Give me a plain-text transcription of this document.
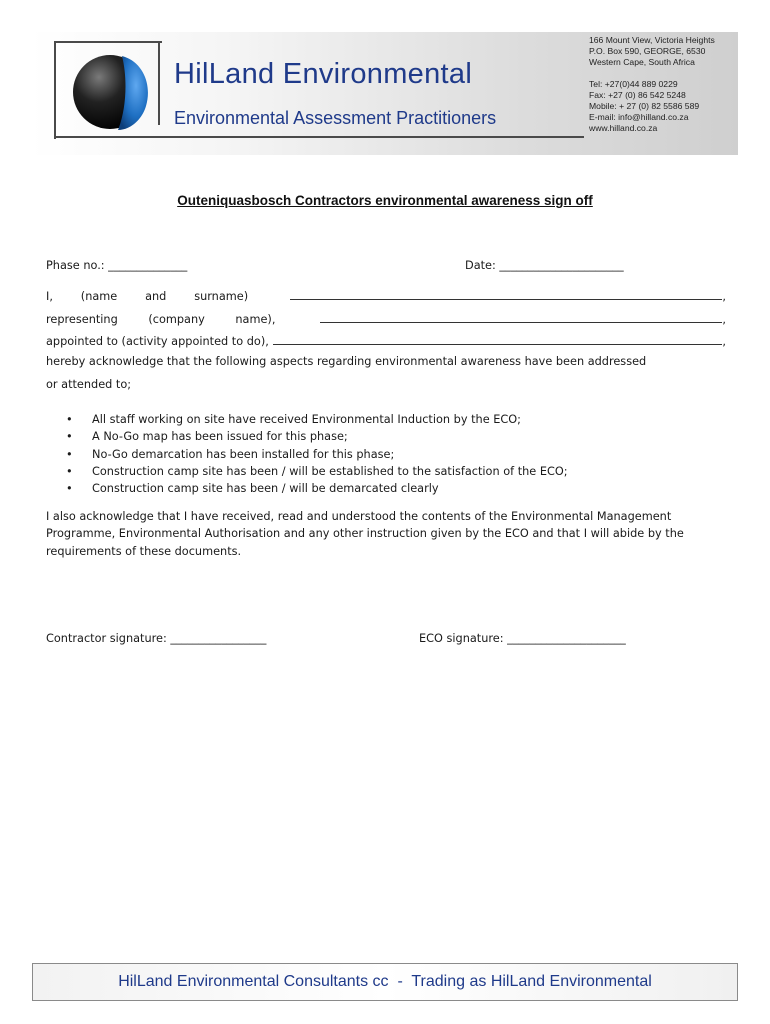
HilLand Environmental
Environmental Assessment Practitioners
166 Mount View, Victoria Heights
P.O. Box 590, GEORGE, 6530
Western Cape, South Africa
Tel: +27(0)44 889 0229
Fax: +27 (0) 86 542 5248
Mobile: + 27 (0) 82 5586 589
E-mail: info@hilland.co.za
www.hilland.co.za
Outeniquasbosch Contractors environmental awareness sign off
Phase no.: ______________	Date: ______________________
I, (name and surname)	,
representing	(company	name),	,
appointed to (activity appointed to do),	,
hereby acknowledge that the following aspects regarding environmental awareness have been addressed
or attended to;
• All staff working on site have received Environmental Induction by the ECO;
• A No-Go map has been issued for this phase;
• No-Go demarcation has been installed for this phase;
• Construction camp site has been / will be established to the satisfaction of the ECO;
• Construction camp site has been / will be demarcated clearly
I also acknowledge that I have received, read and understood the contents of the Environmental Management Programme, Environmental Authorisation and any other instruction given by the ECO and that I will abide by the requirements of these documents.
Contractor signature: _________________	ECO signature: _____________________
HilLand Environmental Consultants cc  -  Trading as HilLand Environmental
